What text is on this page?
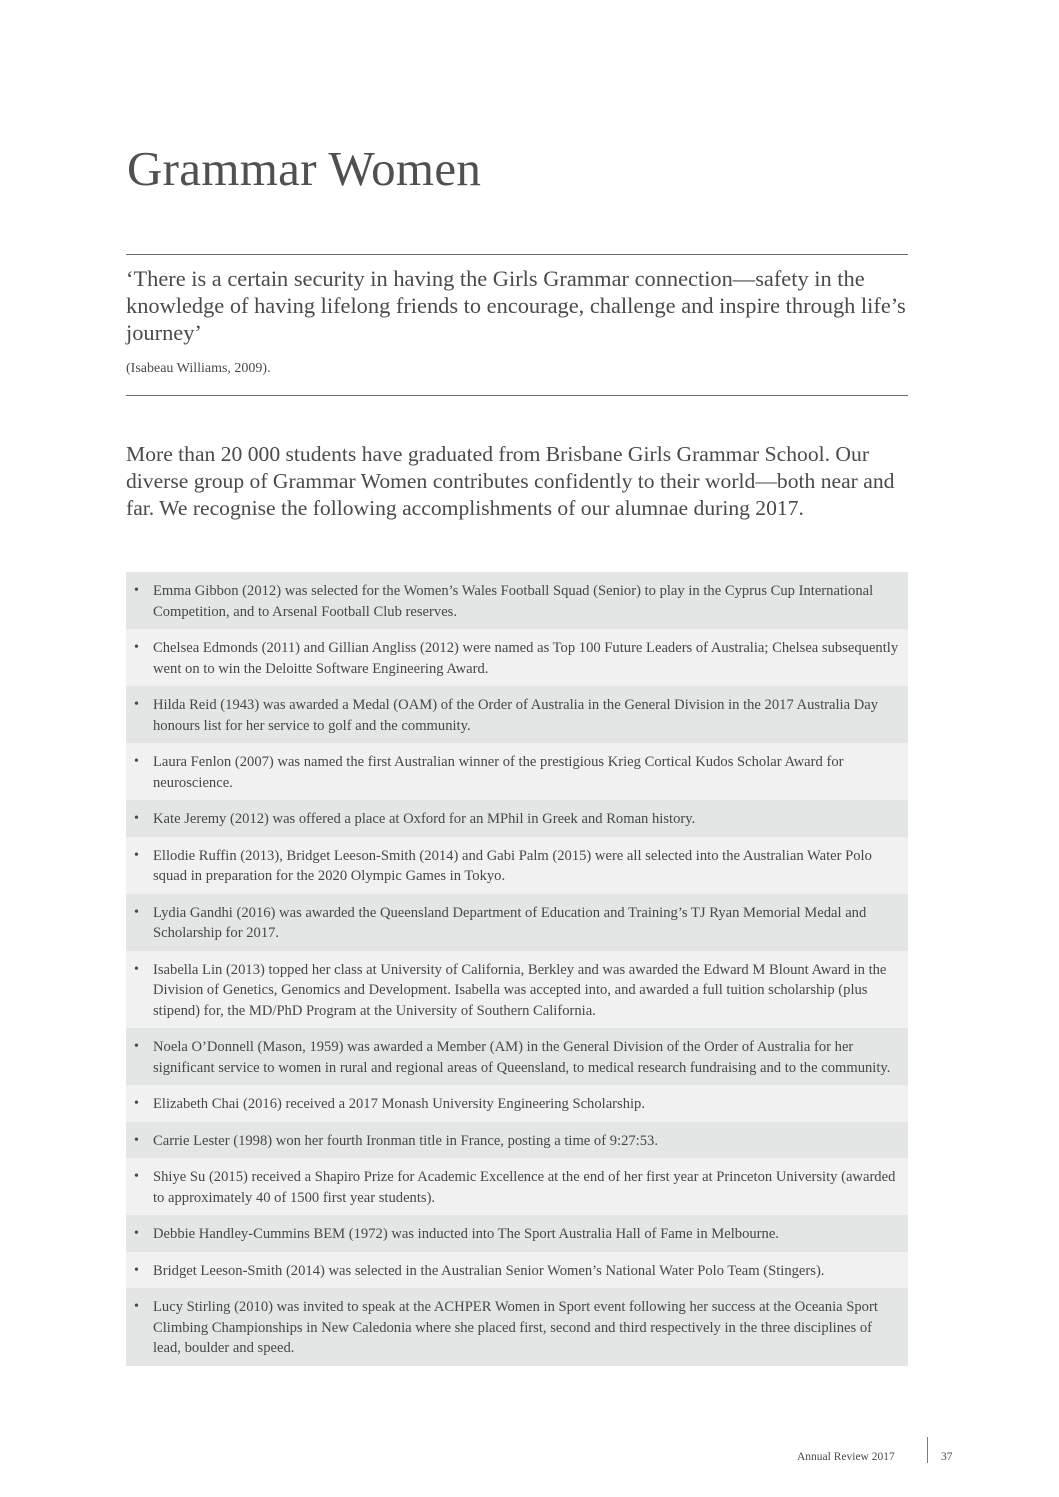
Grammar Women

‘There is a certain security in having the Girls Grammar connection—safety in the knowledge of having lifelong friends to encourage, challenge and inspire through life’s journey’

(Isabeau Williams, 2009).

More than 20 000 students have graduated from Brisbane Girls Grammar School. Our diverse group of Grammar Women contributes confidently to their world—both near and far. We recognise the following accomplishments of our alumnae during 2017.

• Emma Gibbon (2012) was selected for the Women’s Wales Football Squad (Senior) to play in the Cyprus Cup International Competition, and to Arsenal Football Club reserves.
• Chelsea Edmonds (2011) and Gillian Angliss (2012) were named as Top 100 Future Leaders of Australia; Chelsea subsequently went on to win the Deloitte Software Engineering Award.
• Hilda Reid (1943) was awarded a Medal (OAM) of the Order of Australia in the General Division in the 2017 Australia Day honours list for her service to golf and the community.
• Laura Fenlon (2007) was named the first Australian winner of the prestigious Krieg Cortical Kudos Scholar Award for neuroscience.
• Kate Jeremy (2012) was offered a place at Oxford for an MPhil in Greek and Roman history.
• Ellodie Ruffin (2013), Bridget Leeson-Smith (2014) and Gabi Palm (2015) were all selected into the Australian Water Polo squad in preparation for the 2020 Olympic Games in Tokyo.
• Lydia Gandhi (2016) was awarded the Queensland Department of Education and Training’s TJ Ryan Memorial Medal and Scholarship for 2017.
• Isabella Lin (2013) topped her class at University of California, Berkley and was awarded the Edward M Blount Award in the Division of Genetics, Genomics and Development. Isabella was accepted into, and awarded a full tuition scholarship (plus stipend) for, the MD/PhD Program at the University of Southern California.
• Noela O’Donnell (Mason, 1959) was awarded a Member (AM) in the General Division of the Order of Australia for her significant service to women in rural and regional areas of Queensland, to medical research fundraising and to the community.
• Elizabeth Chai (2016) received a 2017 Monash University Engineering Scholarship.
• Carrie Lester (1998) won her fourth Ironman title in France, posting a time of 9:27:53.
• Shiye Su (2015) received a Shapiro Prize for Academic Excellence at the end of her first year at Princeton University (awarded to approximately 40 of 1500 first year students).
• Debbie Handley-Cummins BEM (1972) was inducted into The Sport Australia Hall of Fame in Melbourne.
• Bridget Leeson-Smith (2014) was selected in the Australian Senior Women’s National Water Polo Team (Stingers).
• Lucy Stirling (2010) was invited to speak at the ACHPER Women in Sport event following her success at the Oceania Sport Climbing Championships in New Caledonia where she placed first, second and third respectively in the three disciplines of lead, boulder and speed.
Annual Review 2017	37
